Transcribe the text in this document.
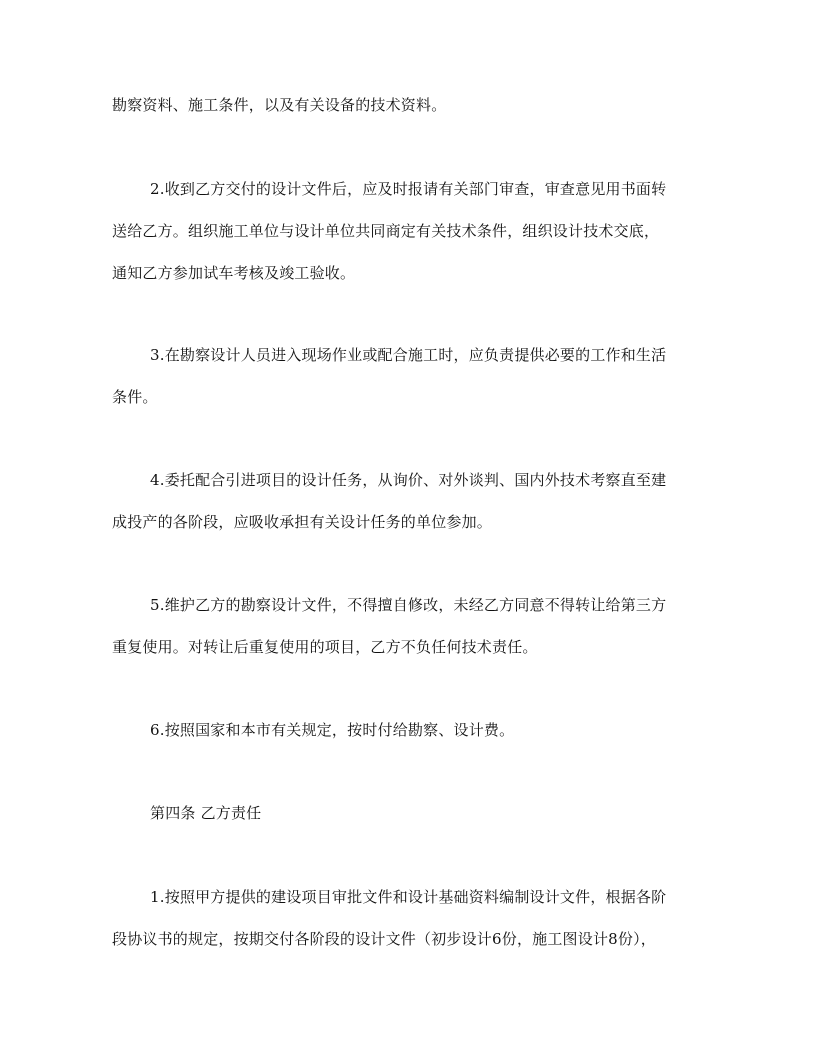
勘察资料、施工条件，以及有关设备的技术资料。
2.收到乙方交付的设计文件后，应及时报请有关部门审查，审查意见用书面转
送给乙方。组织施工单位与设计单位共同商定有关技术条件，组织设计技术交底，
通知乙方参加试车考核及竣工验收。
3.在勘察设计人员进入现场作业或配合施工时，应负责提供必要的工作和生活
条件。
4.委托配合引进项目的设计任务，从询价、对外谈判、国内外技术考察直至建
成投产的各阶段，应吸收承担有关设计任务的单位参加。
5.维护乙方的勘察设计文件，不得擅自修改，未经乙方同意不得转让给第三方
重复使用。对转让后重复使用的项目，乙方不负任何技术责任。
6.按照国家和本市有关规定，按时付给勘察、设计费。
第四条 乙方责任
1.按照甲方提供的建设项目审批文件和设计基础资料编制设计文件，根据各阶
段协议书的规定，按期交付各阶段的设计文件（初步设计6份，施工图设计8份），
